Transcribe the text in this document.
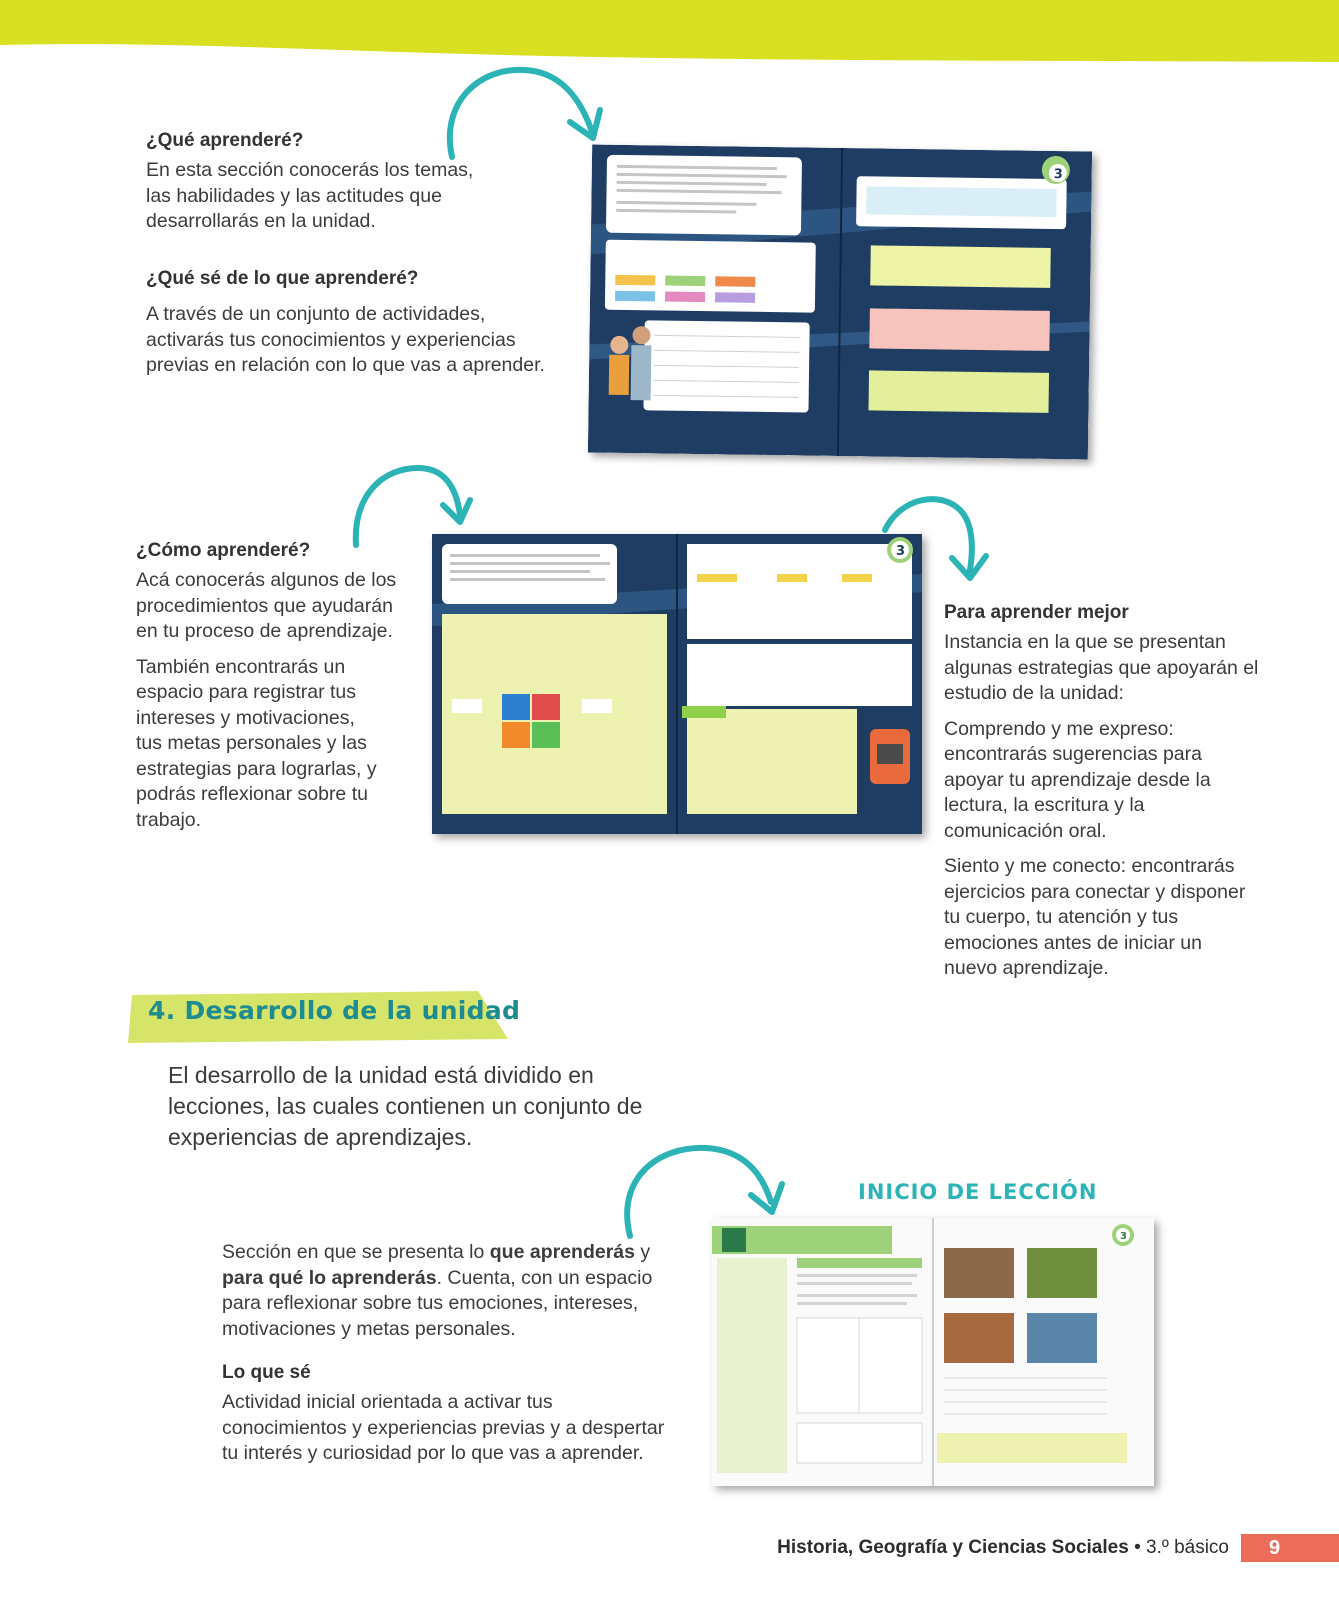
¿Qué aprenderé?

En esta sección conocerás los temas, las habilidades y las actitudes que desarrollarás en la unidad.

¿Qué sé de lo que aprenderé?

A través de un conjunto de actividades, activarás tus conocimientos y experiencias previas en relación con lo que vas a aprender.

3

¿Cómo aprenderé?

Acá conocerás algunos de los procedimientos que ayudarán en tu proceso de aprendizaje.

También encontrarás un espacio para registrar tus intereses y motivaciones, tus metas personales y las estrategias para lograrlas, y podrás reflexionar sobre tu trabajo.

3

Para aprender mejor

Instancia en la que se presentan algunas estrategias que apoyarán el estudio de la unidad:

Comprendo y me expreso: encontrarás sugerencias para apoyar tu aprendizaje desde la lectura, la escritura y la comunicación oral.

Siento y me conecto: encontrarás ejercicios para conectar y disponer tu cuerpo, tu atención y tus emociones antes de iniciar un nuevo aprendizaje.

4. Desarrollo de la unidad
El desarrollo de la unidad está dividido en lecciones, las cuales contienen un conjunto de experiencias de aprendizajes.
INICIO DE LECCIÓN

Sección en que se presenta lo que aprenderás y para qué lo aprenderás. Cuenta, con un espacio para reflexionar sobre tus emociones, intereses, motivaciones y metas personales.

Lo que sé

Actividad inicial orientada a activar tus conocimientos y experiencias previas y a despertar tu interés y curiosidad por lo que vas a aprender.

3
Historia, Geografía y Ciencias Sociales • 3.º básico	9
